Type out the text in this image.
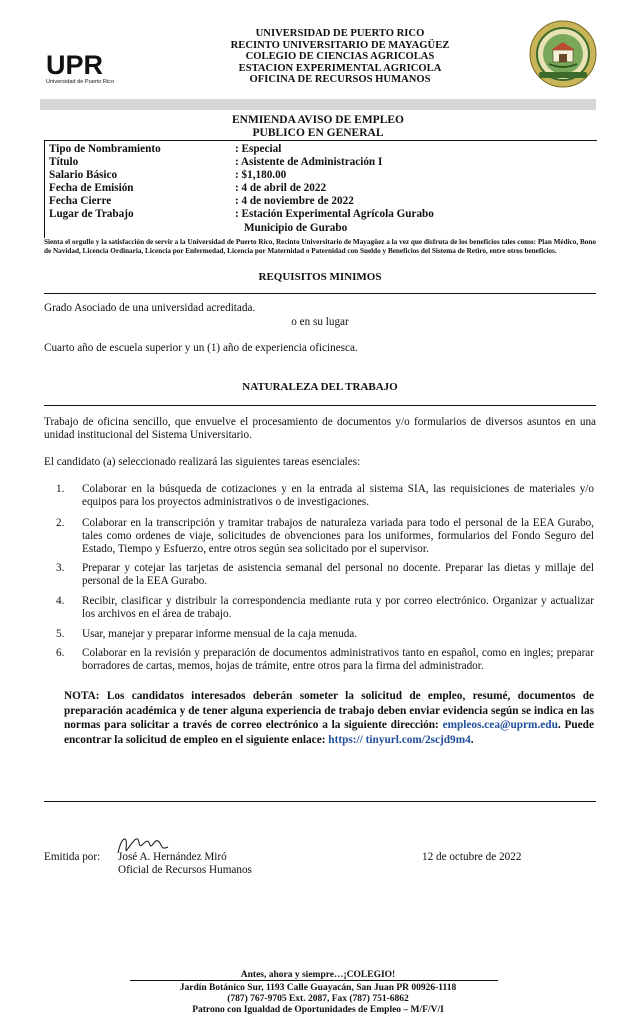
UPR
Universidad de Puerto Rico
UNIVERSIDAD DE PUERTO RICO
RECINTO UNIVERSITARIO DE MAYAGÜEZ
COLEGIO DE CIENCIAS AGRICOLAS
ESTACION EXPERIMENTAL AGRICOLA
OFICINA DE RECURSOS HUMANOS
ENMIENDA AVISO DE EMPLEO
PUBLICO EN GENERAL
Tipo de Nombramiento	: Especial
Título	: Asistente de Administración I
Salario Básico	: $1,180.00
Fecha de Emisión	: 4 de abril de 2022
Fecha Cierre	: 4 de noviembre de 2022
Lugar de Trabajo	: Estación Experimental Agrícola Gurabo
Municipio de Gurabo
Sienta el orgullo y la satisfacción de servir a la Universidad de Puerto Rico, Recinto Universitario de Mayagüez a la vez que disfruta de los beneficios tales como: Plan Médico, Bono de Navidad, Licencia Ordinaria, Licencia por Enfermedad, Licencia por Maternidad o Paternidad con Sueldo y Beneficios del Sistema de Retiro, entre otros beneficios.
REQUISITOS MINIMOS
Grado Asociado de una universidad acreditada.
o en su lugar
Cuarto año de escuela superior y un (1) año de experiencia oficinesca.
NATURALEZA DEL TRABAJO
Trabajo de oficina sencillo, que envuelve el procesamiento de documentos y/o formularios de diversos asuntos en una unidad institucional del Sistema Universitario.
El candidato (a) seleccionado realizará las siguientes tareas esenciales:
1. Colaborar en la búsqueda de cotizaciones y en la entrada al sistema SIA, las requisiciones de materiales y/o equipos para los proyectos administrativos o de investigaciones.
2. Colaborar en la transcripción y tramitar trabajos de naturaleza variada para todo el personal de la EEA Gurabo, tales como ordenes de viaje, solicitudes de obvenciones para los uniformes, formularios del Fondo Seguro del Estado, Tiempo y Esfuerzo, entre otros según sea solicitado por el supervisor.
3. Preparar y cotejar las tarjetas de asistencia semanal del personal no docente. Preparar las dietas y millaje del personal de la EEA Gurabo.
4. Recibir, clasificar y distribuir la correspondencia mediante ruta y por correo electrónico. Organizar y actualizar los archivos en el área de trabajo.
5. Usar, manejar y preparar informe mensual de la caja menuda.
6. Colaborar en la revisión y preparación de documentos administrativos tanto en español, como en ingles; preparar borradores de cartas, memos, hojas de trámite, entre otros para la firma del administrador.
NOTA: Los candidatos interesados deberán someter la solicitud de empleo, resumé, documentos de preparación académica y de tener alguna experiencia de trabajo deben enviar evidencia según se indica en las normas para solicitar a través de correo electrónico a la siguiente dirección: empleos.cea@uprm.edu. Puede encontrar la solicitud de empleo en el siguiente enlace: https:// tinyurl.com/2scjd9m4.
Emitida por: José A. Hernández Miró
Oficial de Recursos Humanos
12 de octubre de 2022
Antes, ahora y siempre…¡COLEGIO!
Jardín Botánico Sur, 1193 Calle Guayacán, San Juan PR 00926-1118
(787) 767-9705 Ext. 2087, Fax (787) 751-6862
Patrono con Igualdad de Oportunidades de Empleo – M/F/V/I
